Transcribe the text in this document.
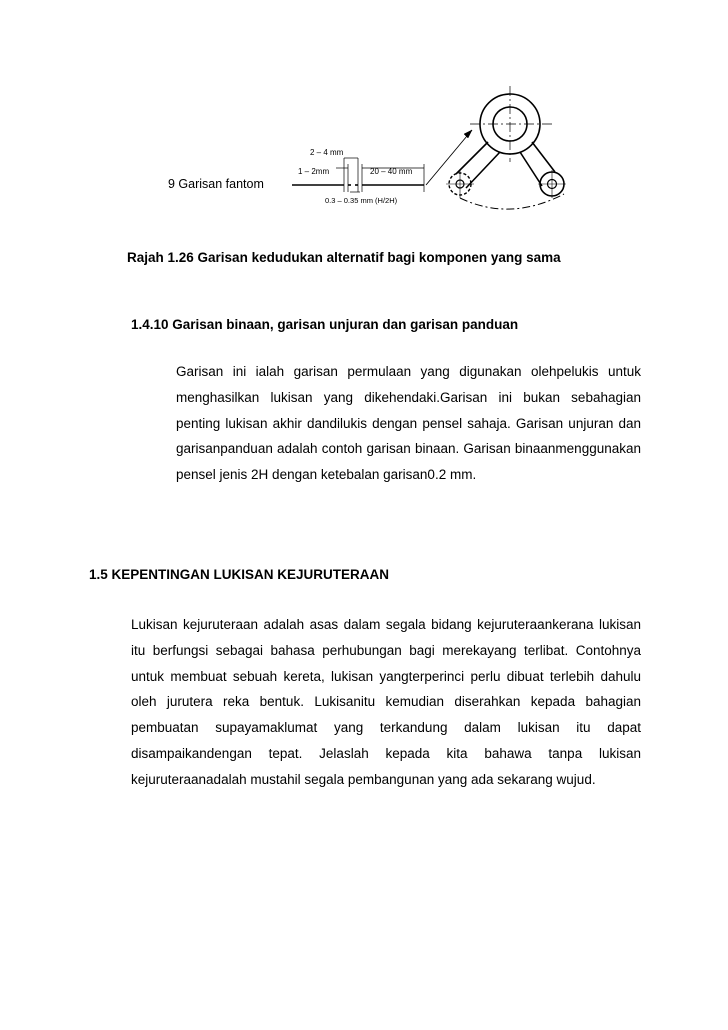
9 Garisan fantom
2 – 4 mm
1 – 2mm	20 – 40 mm
0.3 – 0.35 mm (H/2H)
Rajah 1.26 Garisan kedudukan alternatif bagi komponen yang sama
1.4.10 Garisan binaan, garisan unjuran dan garisan panduan

Garisan ini ialah garisan permulaan yang digunakan olehpelukis untuk menghasilkan lukisan yang dikehendaki.Garisan ini bukan sebahagian penting lukisan akhir dandilukis dengan pensel sahaja. Garisan unjuran dan garisanpanduan adalah contoh garisan binaan. Garisan binaanmenggunakan pensel jenis 2H dengan ketebalan garisan0.2 mm.

1.5 KEPENTINGAN LUKISAN KEJURUTERAAN

Lukisan kejuruteraan adalah asas dalam segala bidang kejuruteraankerana lukisan itu berfungsi sebagai bahasa perhubungan bagi merekayang terlibat. Contohnya untuk membuat sebuah kereta, lukisan yangterperinci perlu dibuat terlebih dahulu oleh jurutera reka bentuk. Lukisanitu kemudian diserahkan kepada bahagian pembuatan supayamaklumat yang terkandung dalam lukisan itu dapat disampaikandengan tepat. Jelaslah kepada kita bahawa tanpa lukisan kejuruteraanadalah mustahil segala pembangunan yang ada sekarang wujud.
